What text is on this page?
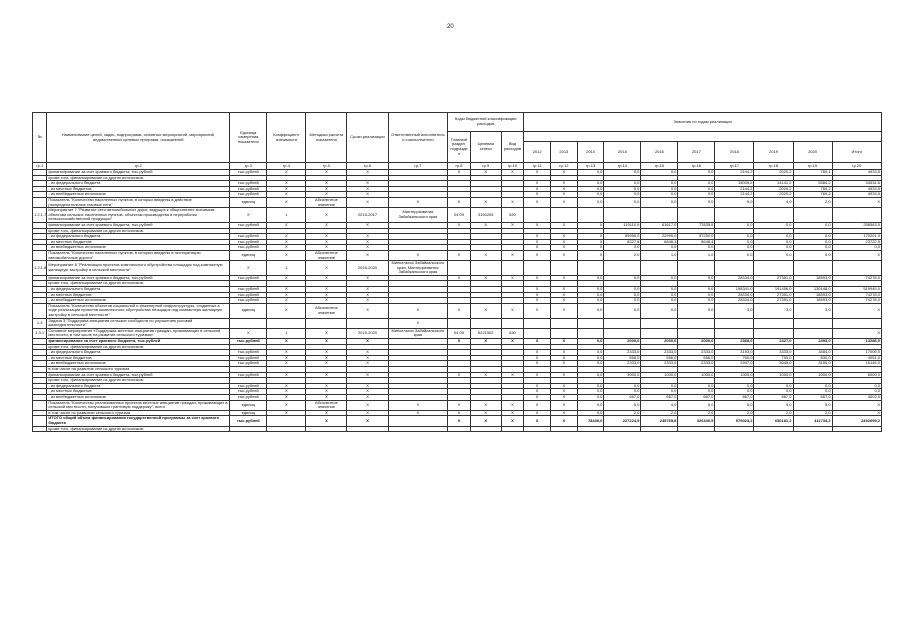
20
№	Наименование целей, задач, подпрограмм, основных мероприятий, мероприятий, ведомственных целевых программ, показателей	Единица измерения показателя	Коэффициент значимости	Методика расчета показателя	Сроки реализации	Ответственный исполнитель и соисполнители	Коды бюджетной классификации расходов			Значения по годам реализации									
							Главный раздел, подразде л	Целевая статья	Вид расходов										
										2012	2013	2014	2015	2016	2017	2018	2019	2020	Итого
гр.1	гр.2	гр.3	гр.4	гр.5	гр.6	гр.7	гр.8	гр.9	гр.10	гр.11	гр.12	гр.13	гр.14	гр.15	гр.16	гр.17	гр.18	гр.19	гр.20
	финансирование за счет краевого бюджета, тыс.рублей	тыс.рублей	X	X	X		X	X	X	X	X	0,0	0,0	0,0	0,0	2144,2	2020,2	769,1	4933,5
	кроме того, финансирование из других источников:																		
	- из федерального бюджета	тыс.рублей	X	X	X					X	X	0,0	0,0	0,0	0,0	15009,2	14141,2	5384,2	34534,6
	- из местных бюджетов	тыс.рублей	X	X	X					X	X	0,0	0,0	0,0	0,0	2144,2	2020,2	769,2	4933,5
	- из внебюджетных источников	тыс.рублей	X	X	X					X	X	0,0	0,0	0,0	0,0	2144,2	2020,2	769,2	4933,5
	Показатель "Количество населенных пунктов, в которых введены в действие распределительные газовые сети"	единиц	X	Абсолютное значение	X	X	X	X	X	X	X	0,0	0,0	0,0	0,0	5,0	4,0	2,0	X
1.2.1.7	Мероприятие 7 "Развитие сети автомобильных дорог, ведущих к общественно значимым объектам сельских населенных пунктов, объектам производства и переработки сельскохозяйственной продукции"	X	1	X	2015-2017	Минтерразвития Забайкальского края	04 09	3150205	520										
	финансирование за счет краевого бюджета, тыс.рублей	тыс.рублей	X	X	X		X	X	X	X	X	X	119110,9	61617,0	77835,5	0,0	0,0	0,0	258563,5
	кроме того, финансирование из других источников:																		
	- из федерального бюджета	тыс.рублей	X	X	X					X	X	X	89956,0	22995,0	57250,0	0,0	0,0	0,0	170201,0
	- из местных бюджетов	тыс.рублей	X	X	X					X	X	X	8227,8	6846,3	8648,4	0,0	0,0	0,0	23722,5
	- из внебюджетных источников	тыс.рублей	X	X	X					X	X	X	0,0	0,0	0,0	0,0	0,0	0,0	0,0
	Показатель "Количество населенных пунктов, в которых введены в эксплуатацию автомобильные дороги"	единиц	X	Абсолютное значение	X	X	X	X	X	X	X	X	2,0	1,0	1,0	0,0	0,0	0,0	X
1.2.1.8	Мероприятие 8 "Реализация проектов комплексного обустройства площадок под компактную жилищную застройку в сельской местности"	X	1	X	2018-2020	Минсельхоз Забайкальского края, Минтерразвития Забайкальского края													
	финансирование за счет краевого бюджета, тыс.рублей	тыс.рублей	X	X	X		X	X	X	X	X	0,0	0,0	0,0	0,0	28334,0	27351,0	18593,0	74278,0
	кроме того, финансирование из других источников:																		
	- из федерального бюджета	тыс.рублей	X	X	X					X	X	0,0	0,0	0,0	0,0	198341,0	191456,0	130148,0	519945,0
	- из местных бюджетов	тыс.рублей	X	X	X					X	X	0,0	0,0	0,0	0,0	28334,0	27351,0	18593,0	74278,0
	- из внебюджетных источников	тыс.рублей	X	X	X					X	X	0,0	0,0	0,0	0,0	28334,0	27351,0	18593,0	74278,0
	Показатель "Количество объектов социальной и инженерной инфраструктуры, созданных в ходе реализации проектов комплексного обустройства площадок под компактную жилищную застройку в сельской местности"	единиц	X	Абсолютное значение	X	X	X	X	X	X	X	0,0	0,0	0,0	0,0	3,0	3,0	3,0	X
1.3	Задача 3 "Поддержка инициатив сельских сообществ по улучшению условий жизнедеятельности"					X													
1.3.1	Основное мероприятие «Поддержка местных инициатив граждан, проживающих в сельской местности, в том числе на развитие сельского туризма»	X	1	X	2015-2020	Минсельхоз Забайкальского края	04 05	5221502	630										X
	финансирование за счет краевого бюджета, тыс.рублей	тыс.рублей	X	X	X		X	X	X	X	X	0,0	2000,0	2000,0	2000,0	2368,0	2427,0	2493,0	13288,0
	кроме того, финансирование из других источников:																		
	- из федерального бюджета	тыс.рублей	X	X	X					X	X	0,0	2333,0	2333,0	2333,0	3193,0	3333,0	3484,0	17009,0
	- из местных бюджетов	тыс.рублей	X	X	X					X	X	0,0	556,0	556,0	556,0	760,0	793,0	830,0	4051,0
	- из внебюджетных источников	тыс.рублей	X	X	X					X	X	0,0	2333,0	2333,0	2333,0	2947,0	3045,0	3155,0	16146,0
	в том числе на развитие сельского туризма																		
	финансирование за счет краевого бюджета, тыс.рублей	тыс.рублей	X	X	X		X	X	X	X	X	0,0	1000,0	1000,0	1000,0	1000,0	1000,0	1000,0	6000,0
	кроме того, финансирование из других источников:																		
	- из федерального бюджета	тыс.рублей	X	X	X					X	X	0,0	0,0	0,0	0,0	0,0	0,0	0,0	0,0
	- из местных бюджетов	тыс.рублей	X	X	X					X	X	0,0	0,0	0,0	0,0	0,0	0,0	0,0	0,0
	- из внебюджетных источников	тыс.рублей	X	X	X					X	X	0,0	667,0	667,0	667,0	667,0	667,0	667,0	4002,0
	Показатель "Количество реализованных проектов местных инициатив граждан, проживающих в сельской местности, получивших грантовую поддержку", всего	единиц	X	Абсолютное значение	X	X	X	X	X	X	X	0,0	5,0	4,0	5,0	5,0	5,0	5,0	X
	в том числе по развитию сельского туризма	единиц	X	X	X	X	X	X	X	X	X	0,0	2,0	2,0	2,0	2,0	2,0	2,0	X
	ИТОГО общий объем финансирования государственной программы за счет краевого бюджета	тыс.рублей		X	X		X	X	X	X	X	78430,0	227224,5	245765,8	320340,5	579023,2	630181,2	411734,2	2492699,2
	кроме того, финансирование из других источников:																		
